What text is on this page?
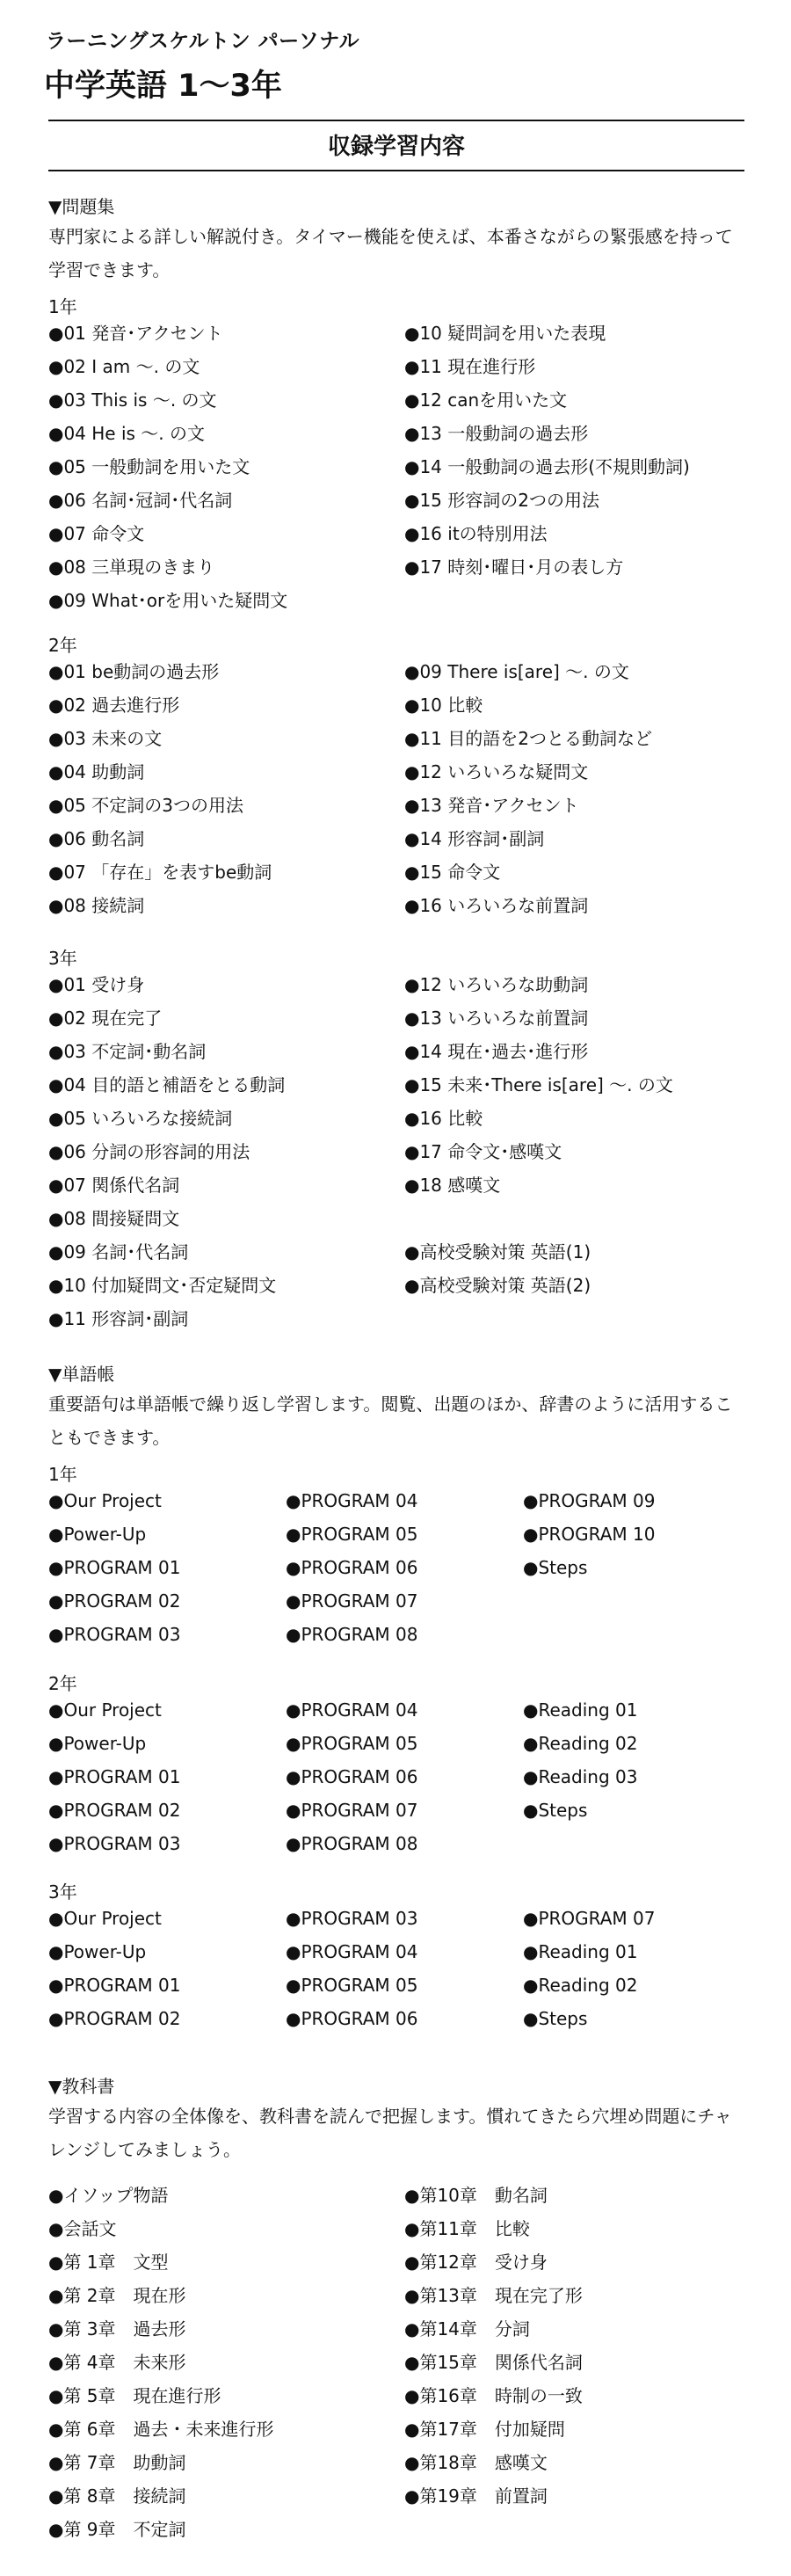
ラーニングスケルトン パーソナル
中学英語 1〜3年
収録学習内容

▼問題集

専門家による詳しい解説付き。タイマー機能を使えば、本番さながらの緊張感を持って学習できます。

1年
●01 発音･アクセント
●02 I am 〜. の文
●03 This is 〜. の文
●04 He is 〜. の文
●05 一般動詞を用いた文
●06 名詞･冠詞･代名詞
●07 命令文
●08 三単現のきまり
●09 What･orを用いた疑問文
●10 疑問詞を用いた表現
●11 現在進行形
●12 canを用いた文
●13 一般動詞の過去形
●14 一般動詞の過去形(不規則動詞)
●15 形容詞の2つの用法
●16 itの特別用法
●17 時刻･曜日･月の表し方
2年
●01 be動詞の過去形
●02 過去進行形
●03 未来の文
●04 助動詞
●05 不定詞の3つの用法
●06 動名詞
●07 「存在」を表すbe動詞
●08 接続詞
●09 There is[are] 〜. の文
●10 比較
●11 目的語を2つとる動詞など
●12 いろいろな疑問文
●13 発音･アクセント
●14 形容詞･副詞
●15 命令文
●16 いろいろな前置詞
3年
●01 受け身
●02 現在完了
●03 不定詞･動名詞
●04 目的語と補語をとる動詞
●05 いろいろな接続詞
●06 分詞の形容詞的用法
●07 関係代名詞
●08 間接疑問文
●09 名詞･代名詞
●10 付加疑問文･否定疑問文
●11 形容詞･副詞
●12 いろいろな助動詞
●13 いろいろな前置詞
●14 現在･過去･進行形
●15 未来･There is[are] 〜. の文
●16 比較
●17 命令文･感嘆文
●18 感嘆文
●高校受験対策 英語(1)
●高校受験対策 英語(2)

▼単語帳

重要語句は単語帳で繰り返し学習します。閲覧、出題のほか、辞書のように活用することもできます。

1年
●Our Project
●Power-Up
●PROGRAM 01
●PROGRAM 02
●PROGRAM 03
●PROGRAM 04
●PROGRAM 05
●PROGRAM 06
●PROGRAM 07
●PROGRAM 08
●PROGRAM 09
●PROGRAM 10
●Steps
2年
●Our Project
●Power-Up
●PROGRAM 01
●PROGRAM 02
●PROGRAM 03
●PROGRAM 04
●PROGRAM 05
●PROGRAM 06
●PROGRAM 07
●PROGRAM 08
●Reading 01
●Reading 02
●Reading 03
●Steps
3年
●Our Project
●Power-Up
●PROGRAM 01
●PROGRAM 02
●PROGRAM 03
●PROGRAM 04
●PROGRAM 05
●PROGRAM 06
●PROGRAM 07
●Reading 01
●Reading 02
●Steps

▼教科書

学習する内容の全体像を、教科書を読んで把握します。慣れてきたら穴埋め問題にチャレンジしてみましょう。

●イソップ物語
●会話文
●第 1章　文型
●第 2章　現在形
●第 3章　過去形
●第 4章　未来形
●第 5章　現在進行形
●第 6章　過去・未来進行形
●第 7章　助動詞
●第 8章　接続詞
●第 9章　不定詞
●第10章　動名詞
●第11章　比較
●第12章　受け身
●第13章　現在完了形
●第14章　分詞
●第15章　関係代名詞
●第16章　時制の一致
●第17章　付加疑問
●第18章　感嘆文
●第19章　前置詞
